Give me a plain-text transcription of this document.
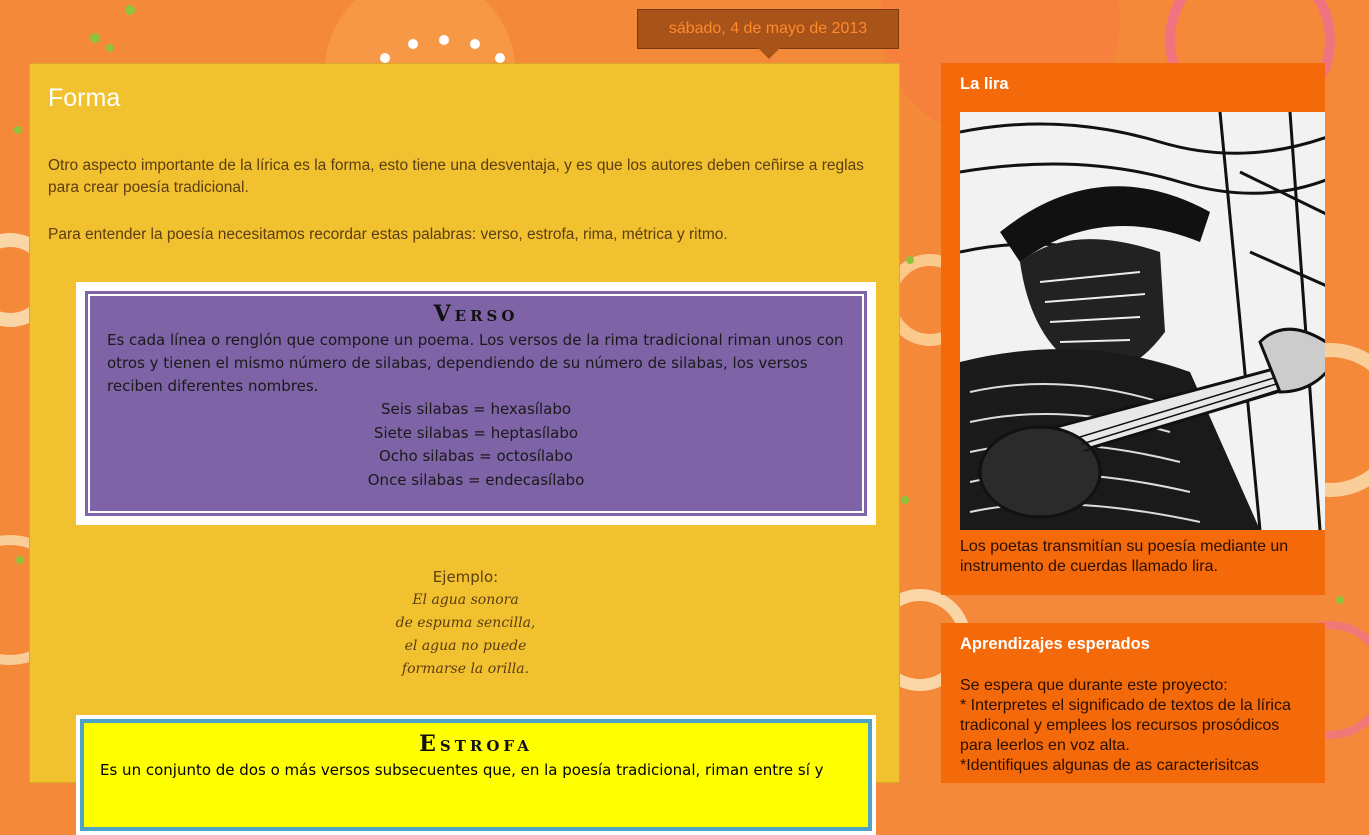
sábado, 4 de mayo de 2013
Forma

Otro aspecto importante de la lírica es la forma, esto tiene una desventaja, y es que los autores deben ceñirse a reglas para crear poesía tradicional.

Para entender la poesía necesitamos recordar estas palabras: verso, estrofa, rima, métrica y ritmo.

Verso

Es cada línea o renglón que compone un poema. Los versos de la rima tradicional riman unos con otros y tienen el mismo número de silabas, dependiendo de su número de silabas, los versos reciben diferentes nombres.

Seis silabas = hexasílabo
Siete silabas = heptasílabo
Ocho silabas = octosílabo
Once silabas = endecasílabo
Ejemplo:
El agua sonora
de espuma sencilla,
el agua no puede
formarse la orilla.
Estrofa

Es un conjunto de dos o más versos subsecuentes que, en la poesía tradicional, riman entre sí y

La lira

Los poetas transmitían su poesía mediante un instrumento de cuerdas llamado lira.

Aprendizajes esperados

Se espera que durante este proyecto:

* Interpretes el significado de textos de la lírica tradiconal y emplees los recursos prosódicos para leerlos en voz alta.

*Identifiques algunas de as caracterisitcas
